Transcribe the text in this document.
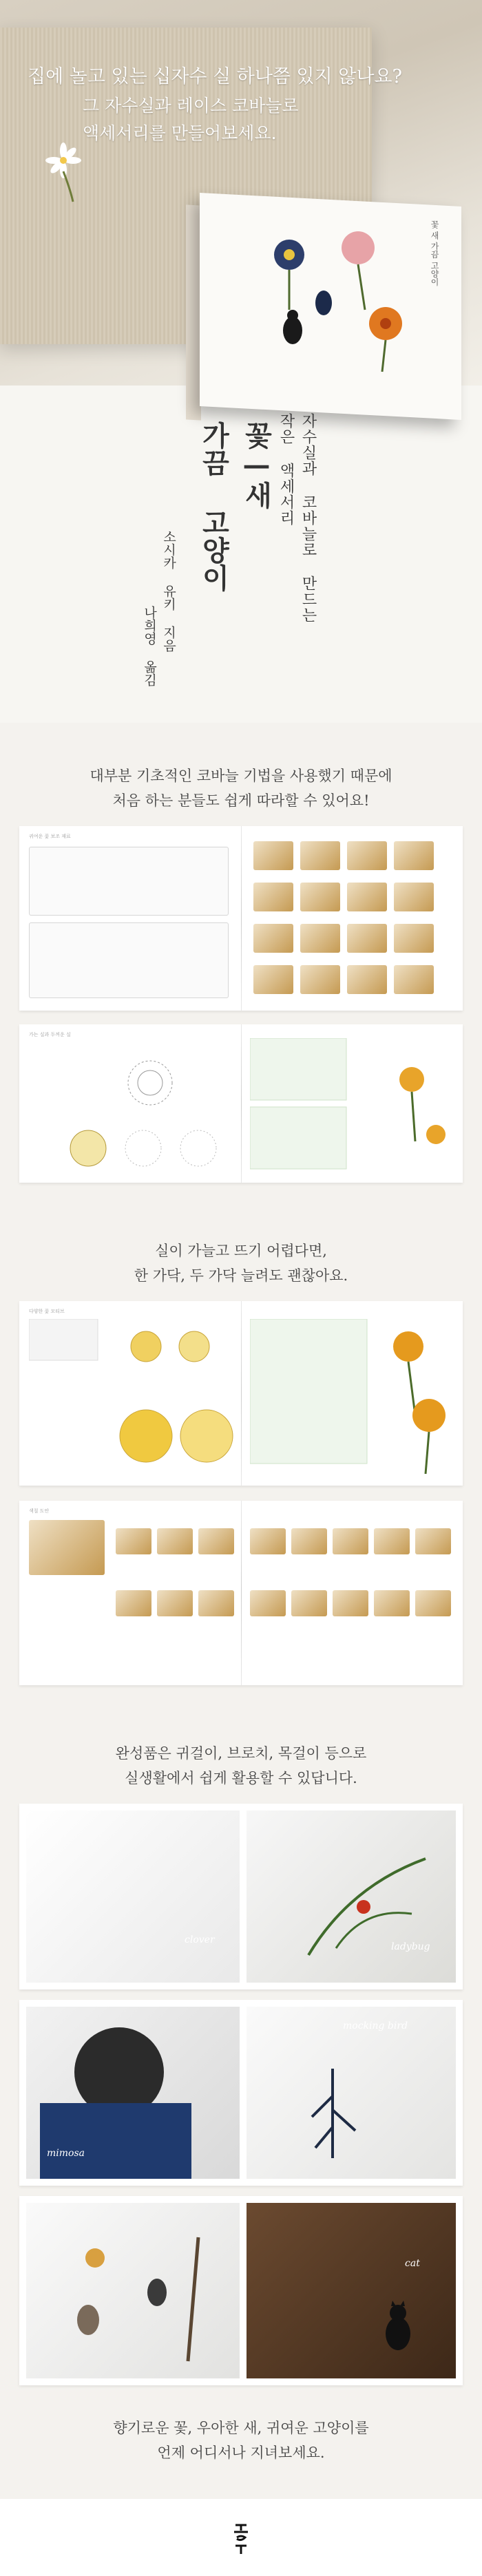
집에 놀고 있는 십자수 실 하나쯤 있지 않나요?
그 자수실과 레이스 코바늘로
액세서리를 만들어보세요.
꽃 새 가끔 고양이
자수실과 코바늘로 만드는
작은 액세서리
꽃—새
가끔 고양이
소시카 유키 지음
나희영 옮김
대부분 기초적인 코바늘 기법을 사용했기 때문에
처음 하는 분들도 쉽게 따라할 수 있어요!
귀여운 꽃 보조 재료
가는 실과 두꺼운 실
실이 가늘고 뜨기 어렵다면,
한 가닥, 두 가닥 늘려도 괜찮아요.
다양한 꽃 모티브
색칠 도안
완성품은 귀걸이, 브로치, 목걸이 등으로
실생활에서 쉽게 활용할 수 있답니다.
clover
ladybug
mimosa
mocking bird
cat
향기로운 꽃, 우아한 새, 귀여운 고양이를
언제 어디서나 지녀보세요.
